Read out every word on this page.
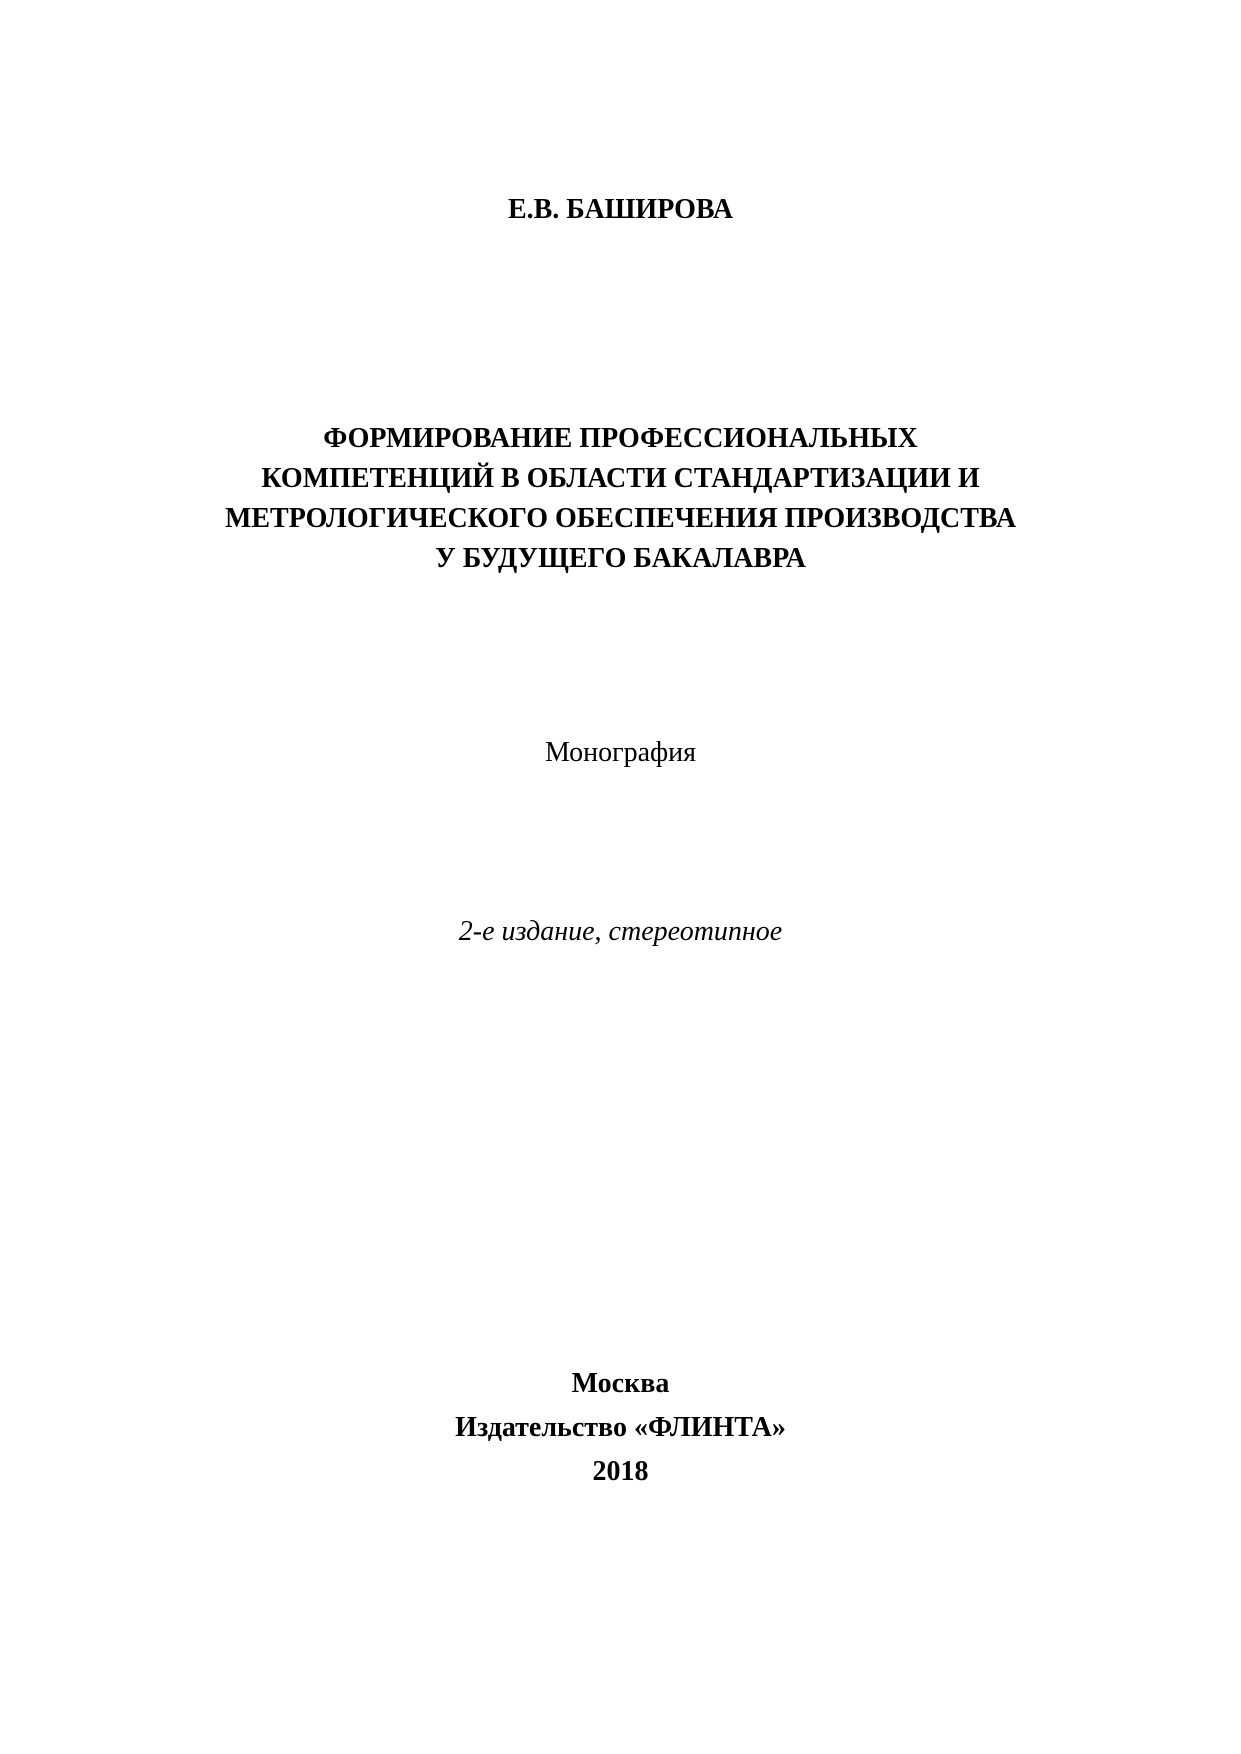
Е.В. БАШИРОВА
ФОРМИРОВАНИЕ ПРОФЕССИОНАЛЬНЫХ
КОМПЕТЕНЦИЙ В ОБЛАСТИ СТАНДАРТИЗАЦИИ И
МЕТРОЛОГИЧЕСКОГО ОБЕСПЕЧЕНИЯ ПРОИЗВОДСТВА
У БУДУЩЕГО БАКАЛАВРА
Монография
2-е издание, стереотипное
Москва
Издательство «ФЛИНТА»
2018
